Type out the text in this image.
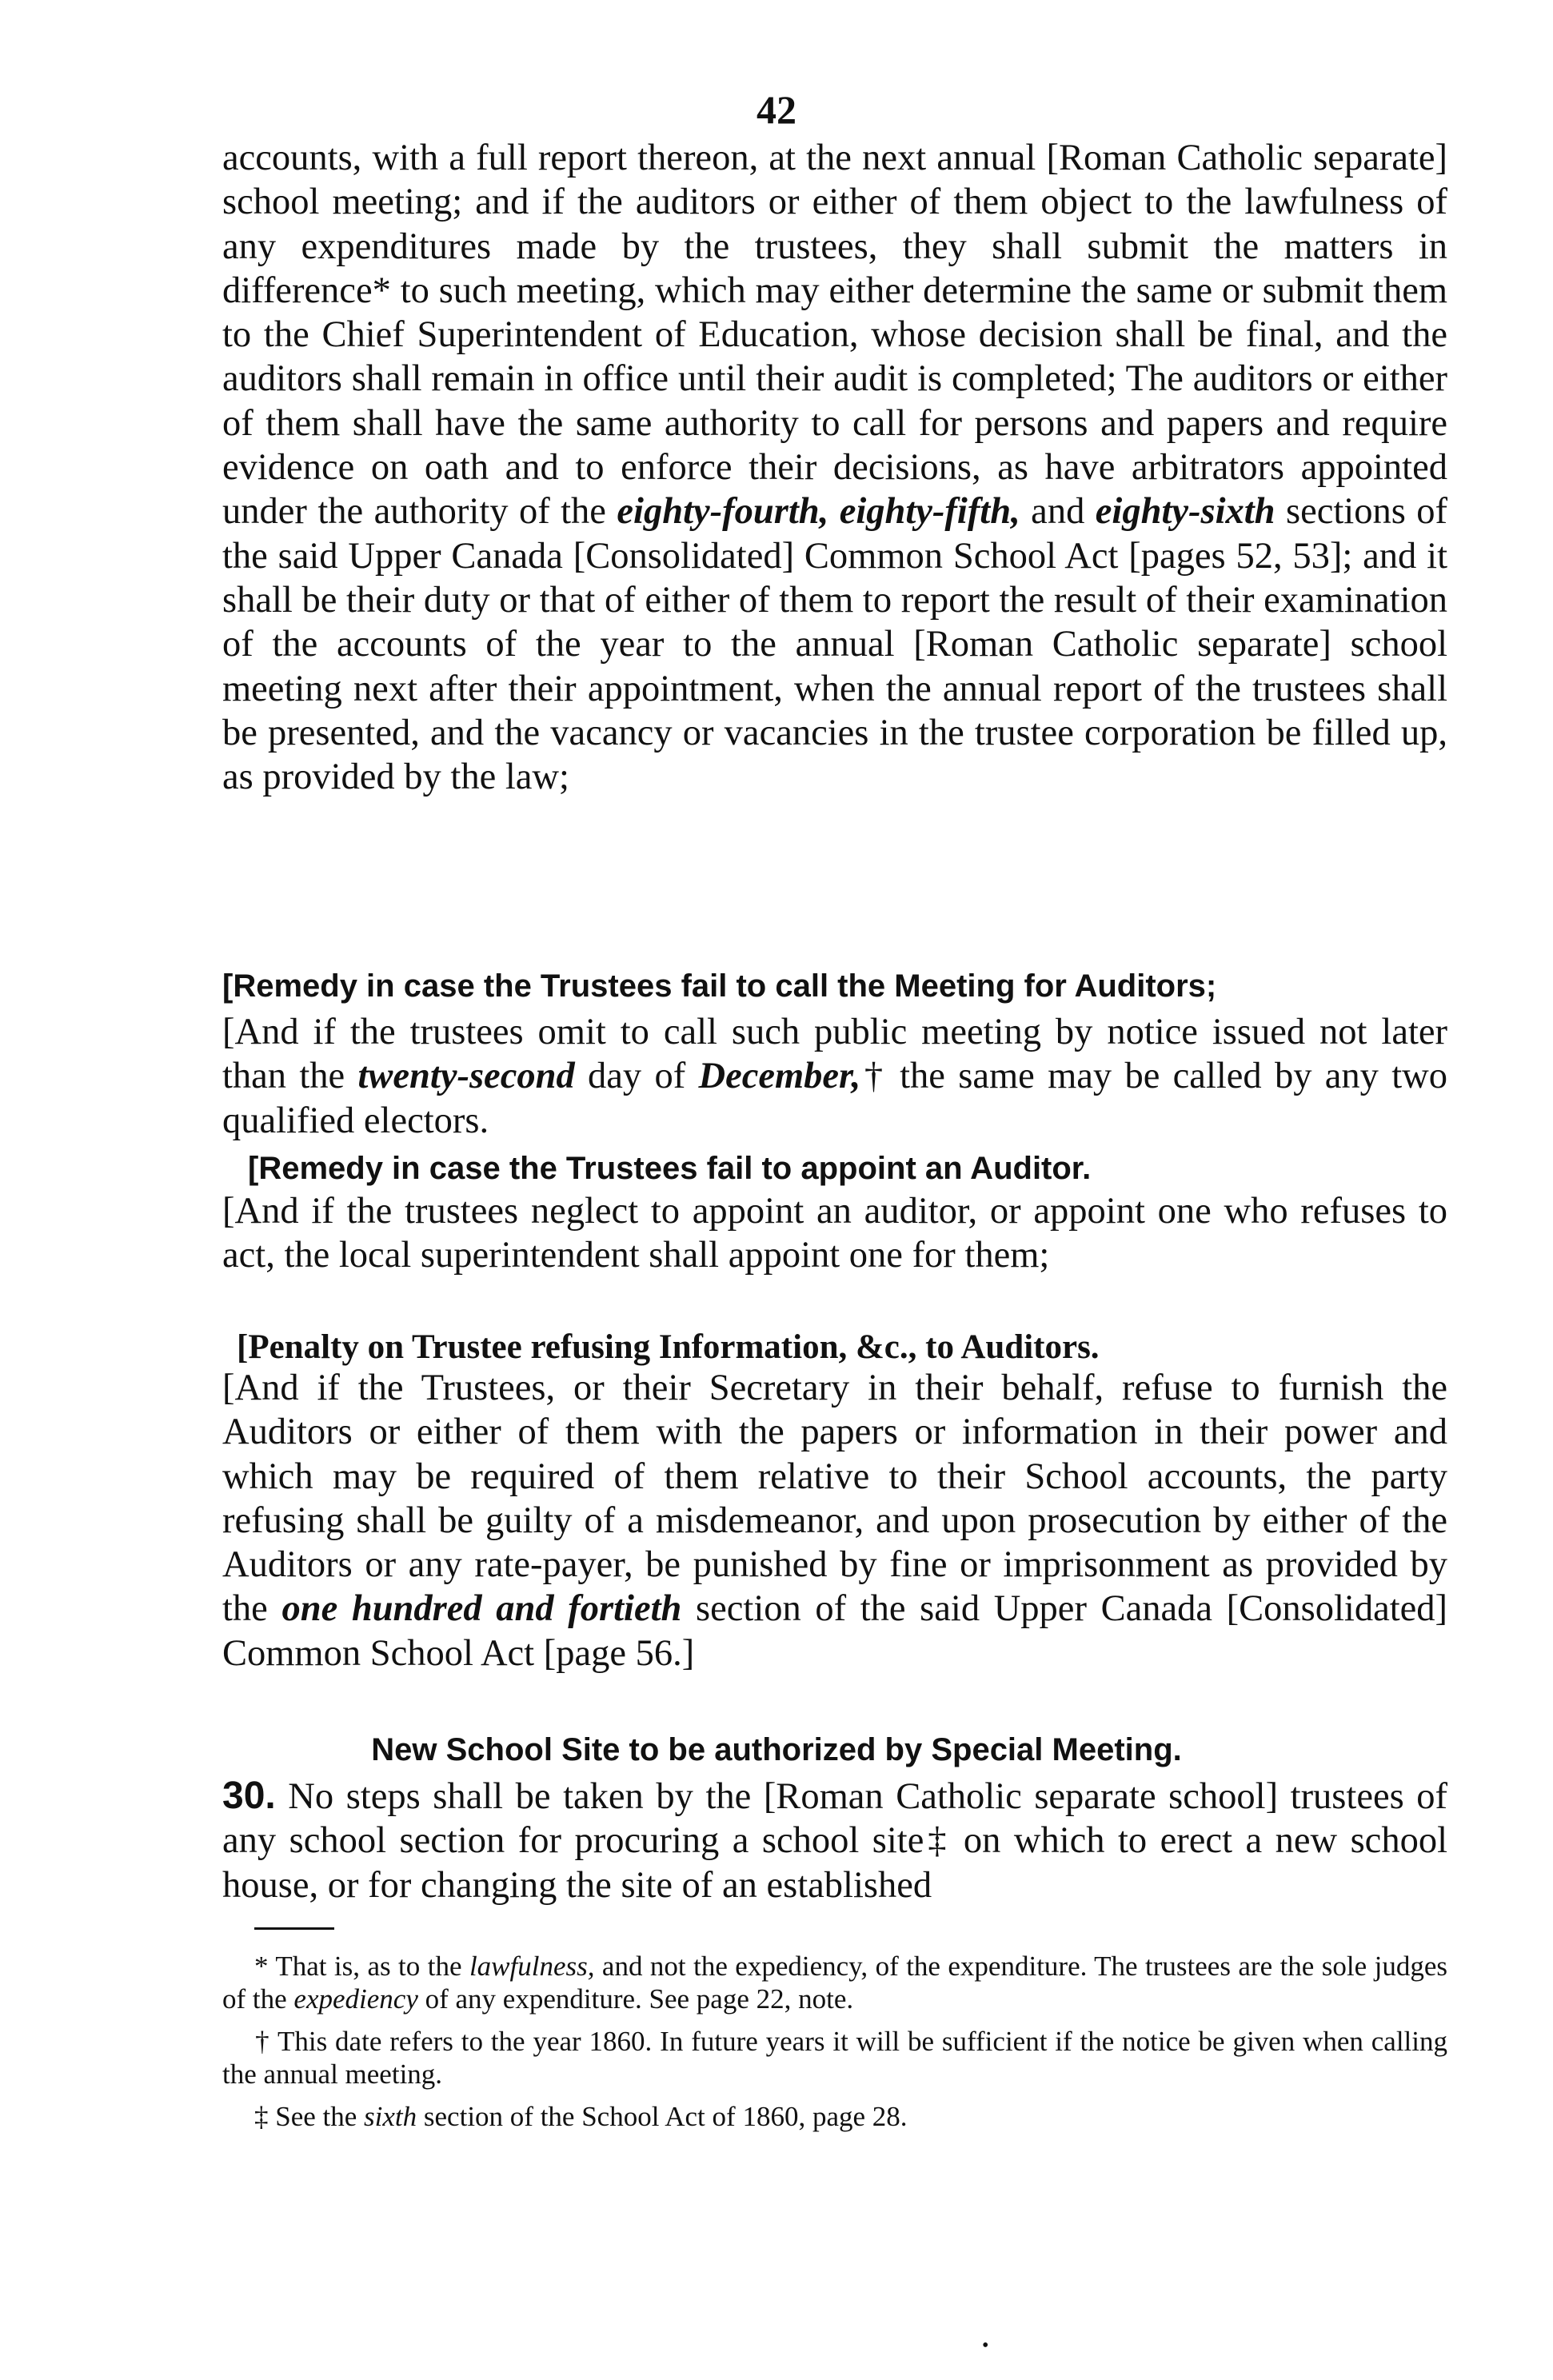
42

accounts, with a full report thereon, at the next annual [Roman Catholic separate] school meeting; and if the auditors or either of them object to the lawfulness of any expenditures made by the trustees, they shall submit the matters in difference* to such meeting, which may either determine the same or submit them to the Chief Superintendent of Education, whose decision shall be final, and the auditors shall remain in office until their audit is completed; The auditors or either of them shall have the same authority to call for persons and papers and require evidence on oath and to enforce their decisions, as have arbitrators appointed under the authority of the eighty-fourth, eighty-fifth, and eighty-sixth sections of the said Upper Canada [Consolidated] Common School Act [pages 52, 53]; and it shall be their duty or that of either of them to report the result of their examination of the accounts of the year to the annual [Roman Catholic separate] school meeting next after their appointment, when the annual report of the trustees shall be presented, and the vacancy or vacancies in the trustee corporation be filled up, as provided by the law;

[Remedy in case the Trustees fail to call the Meeting for Auditors;

[And if the trustees omit to call such public meeting by notice issued not later than the twenty-second day of December,† the same may be called by any two qualified electors.

[Remedy in case the Trustees fail to appoint an Auditor.

[And if the trustees neglect to appoint an auditor, or appoint one who refuses to act, the local superintendent shall appoint one for them;

[Penalty on Trustee refusing Information, &c., to Auditors.

[And if the Trustees, or their Secretary in their behalf, refuse to furnish the Auditors or either of them with the papers or information in their power and which may be required of them relative to their School accounts, the party refusing shall be guilty of a misdemeanor, and upon prosecution by either of the Auditors or any rate-payer, be punished by fine or imprisonment as provided by the one hundred and fortieth section of the said Upper Canada [Consolidated] Common School Act [page 56.]

New School Site to be authorized by Special Meeting.

30. No steps shall be taken by the [Roman Catholic separate school] trustees of any school section for procuring a school site‡ on which to erect a new school house, or for changing the site of an established

* That is, as to the lawfulness, and not the expediency, of the expenditure. The trustees are the sole judges of the expediency of any expenditure. See page 22, note.

† This date refers to the year 1860. In future years it will be sufficient if the notice be given when calling the annual meeting.

‡ See the sixth section of the School Act of 1860, page 28.

•
